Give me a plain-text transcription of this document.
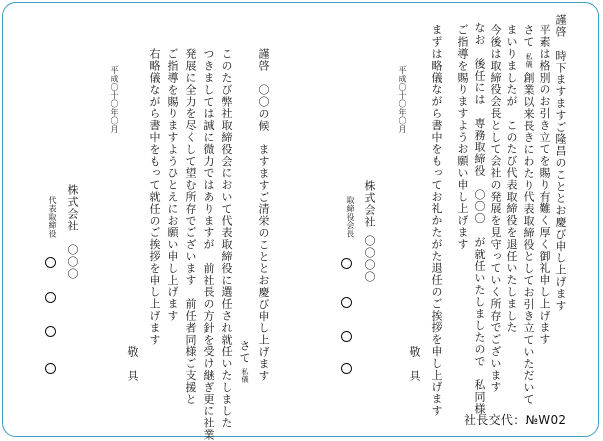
謹啓　時下ますますご隆昌のこととお慶び申し上げます
平素は格別のお引き立てを賜り有難く厚く御礼申し上げます
さて
私儀
創業以来長きにわたり代表取締役としてお引き立ていただいて
まいりましたが　このたび代表取締役を退任いたしました
今後は取締役会長として会社の発展を見守っていく所存でございます
なお　後任には　専務取締役　〇〇〇　が就任いたしましたので　私同様
ご指導を賜りますようお願い申し上げます
まずは略儀ながら書中をもってお礼かたがた退任のご挨拶を申し上げます
敬　具
平成〇十〇年〇月
株式会社
取締役会長
〇〇〇〇
謹啓
〇〇の候　ますますご清栄のこととお慶び申し上げます
さて
私儀
このたび弊社取締役会において代表取締役に選任され就任いたしました
つきましては誠に微力ではありますが　前社長の方針を受け継ぎ更に社業
発展に全力を尽くして望む所存でございます　前任者同様ご支援と
ご指導を賜りますようひとえにお願い申し上げます
右略儀ながら書中をもって就任のご挨拶を申し上げます
敬　具
平成〇十〇年〇月
株式会社
代表取締役
〇〇〇
社長交代：№W02
